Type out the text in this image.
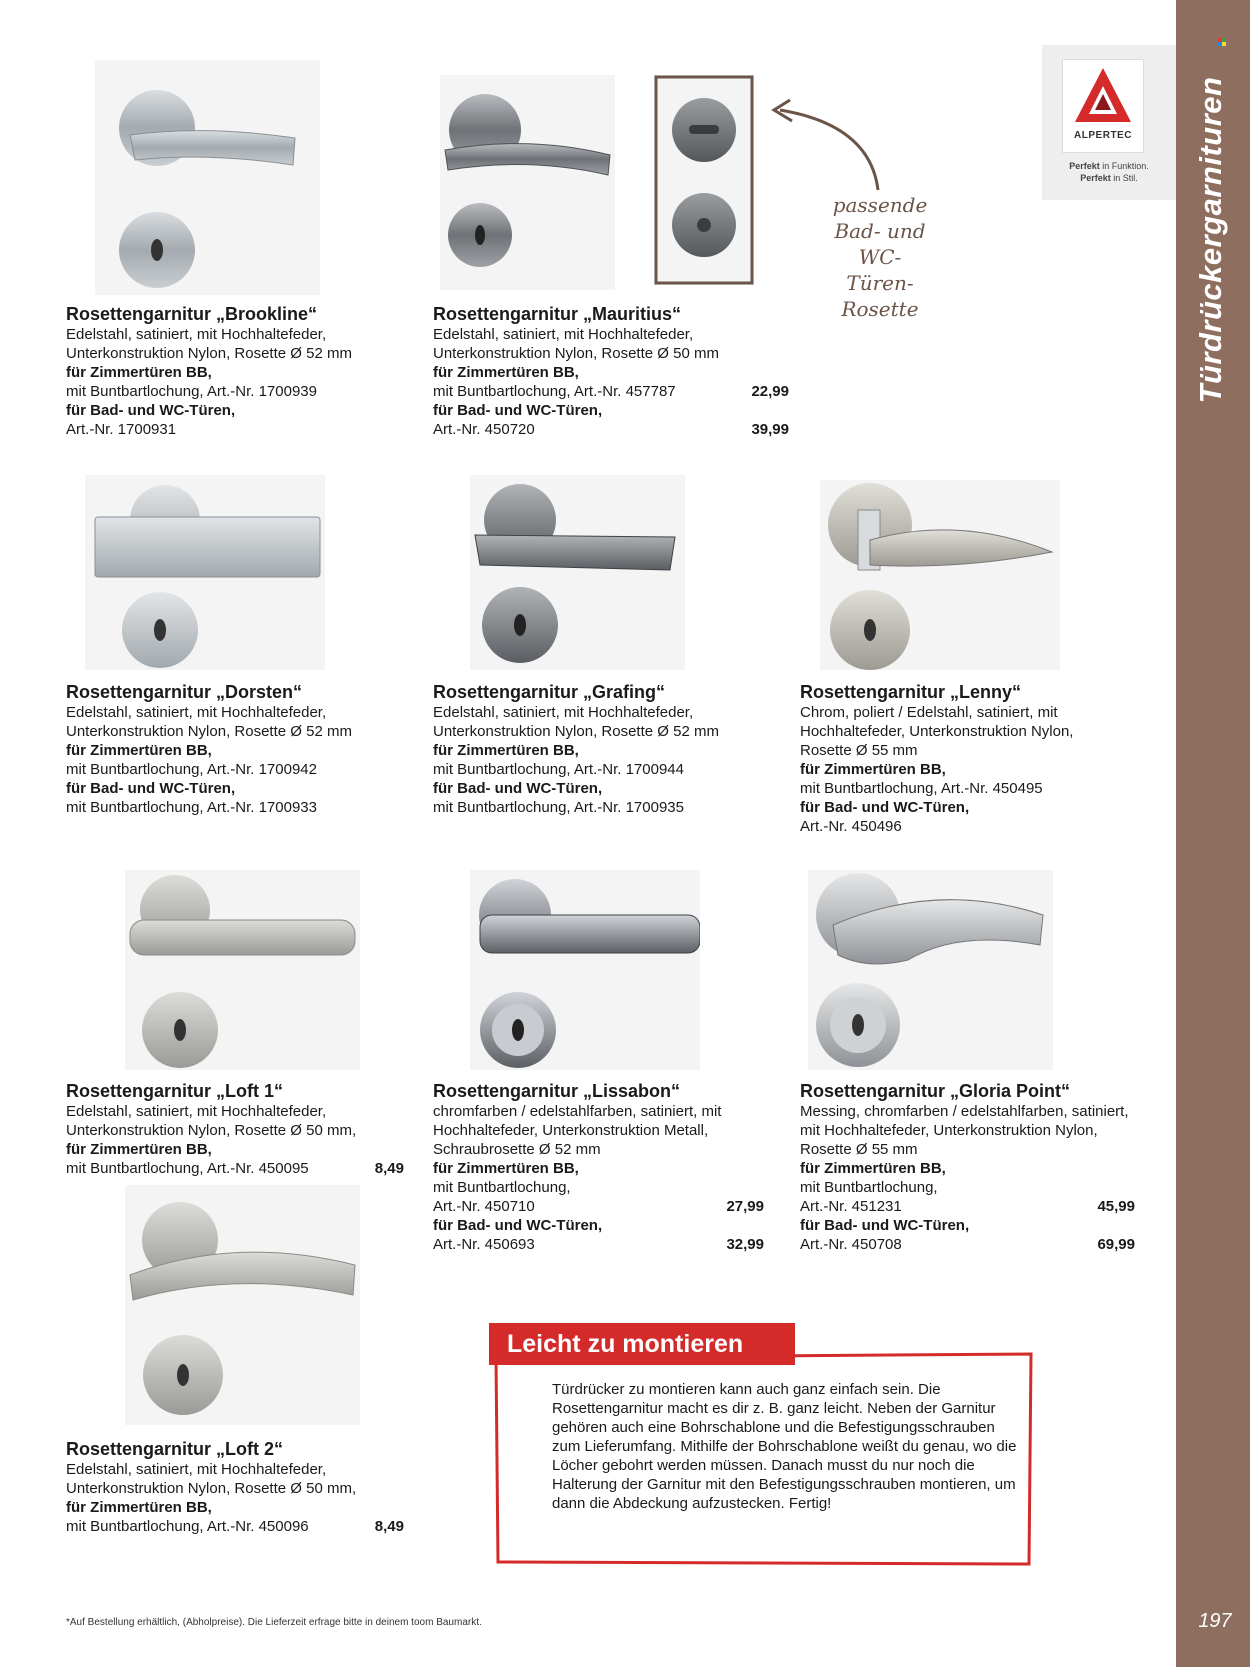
Türdrückergarnituren
197
ALPERTEC
Perfekt in Funktion.
Perfekt in Stil.
passende
Bad- und WC-
Türen-Rosette
Rosettengarnitur „Brookline“
Edelstahl, satiniert, mit Hochhaltefeder,
Unterkonstruktion Nylon, Rosette Ø 52 mm
für Zimmertüren BB,
mit Buntbartlochung, Art.-Nr. 1700939
für Bad- und WC-Türen,
Art.-Nr. 1700931
Rosettengarnitur „Mauritius“
Edelstahl, satiniert, mit Hochhaltefeder,
Unterkonstruktion Nylon, Rosette Ø 50 mm
für Zimmertüren BB,
mit Buntbartlochung, Art.-Nr. 457787	22,99
für Bad- und WC-Türen,
Art.-Nr. 450720	39,99
Rosettengarnitur „Dorsten“
Edelstahl, satiniert, mit Hochhaltefeder,
Unterkonstruktion Nylon, Rosette Ø 52 mm
für Zimmertüren BB,
mit Buntbartlochung, Art.-Nr. 1700942
für Bad- und WC-Türen,
mit Buntbartlochung, Art.-Nr. 1700933
Rosettengarnitur „Grafing“
Edelstahl, satiniert, mit Hochhaltefeder,
Unterkonstruktion Nylon, Rosette Ø 52 mm
für Zimmertüren BB,
mit Buntbartlochung, Art.-Nr. 1700944
für Bad- und WC-Türen,
mit Buntbartlochung, Art.-Nr. 1700935
Rosettengarnitur „Lenny“
Chrom, poliert / Edelstahl, satiniert, mit
Hochhaltefeder, Unterkonstruktion Nylon,
Rosette Ø 55 mm
für Zimmertüren BB,
mit Buntbartlochung, Art.-Nr. 450495
für Bad- und WC-Türen,
Art.-Nr. 450496
Rosettengarnitur „Loft 1“
Edelstahl, satiniert, mit Hochhaltefeder,
Unterkonstruktion Nylon, Rosette Ø 50 mm,
für Zimmertüren BB,
mit Buntbartlochung, Art.-Nr. 450095	8,49
Rosettengarnitur „Lissabon“
chromfarben / edelstahlfarben, satiniert, mit
Hochhaltefeder, Unterkonstruktion Metall,
Schraubrosette Ø 52 mm
für Zimmertüren BB,
mit Buntbartlochung,
Art.-Nr. 450710	27,99
für Bad- und WC-Türen,
Art.-Nr. 450693	32,99
Rosettengarnitur „Gloria Point“
Messing, chromfarben / edelstahlfarben, satiniert,
mit Hochhaltefeder, Unterkonstruktion Nylon,
Rosette Ø 55 mm
für Zimmertüren BB,
mit Buntbartlochung,
Art.-Nr. 451231	45,99
für Bad- und WC-Türen,
Art.-Nr. 450708	69,99
Rosettengarnitur „Loft 2“
Edelstahl, satiniert, mit Hochhaltefeder,
Unterkonstruktion Nylon, Rosette Ø 50 mm,
für Zimmertüren BB,
mit Buntbartlochung, Art.-Nr. 450096	8,49
Leicht zu montieren
Türdrücker zu montieren kann auch ganz einfach sein. Die Rosettengarnitur macht es dir z. B. ganz leicht. Neben der Garnitur gehören auch eine Bohrschablone und die Befestigungsschrauben zum Lieferumfang. Mithilfe der Bohrschablone weißt du genau, wo die Löcher gebohrt werden müssen. Danach musst du nur noch die Halterung der Garnitur mit den Befestigungsschrauben montieren, um dann die Abdeckung aufzustecken. Fertig!
*Auf Bestellung erhältlich, (Abholpreise). Die Lieferzeit erfrage bitte in deinem toom Baumarkt.
